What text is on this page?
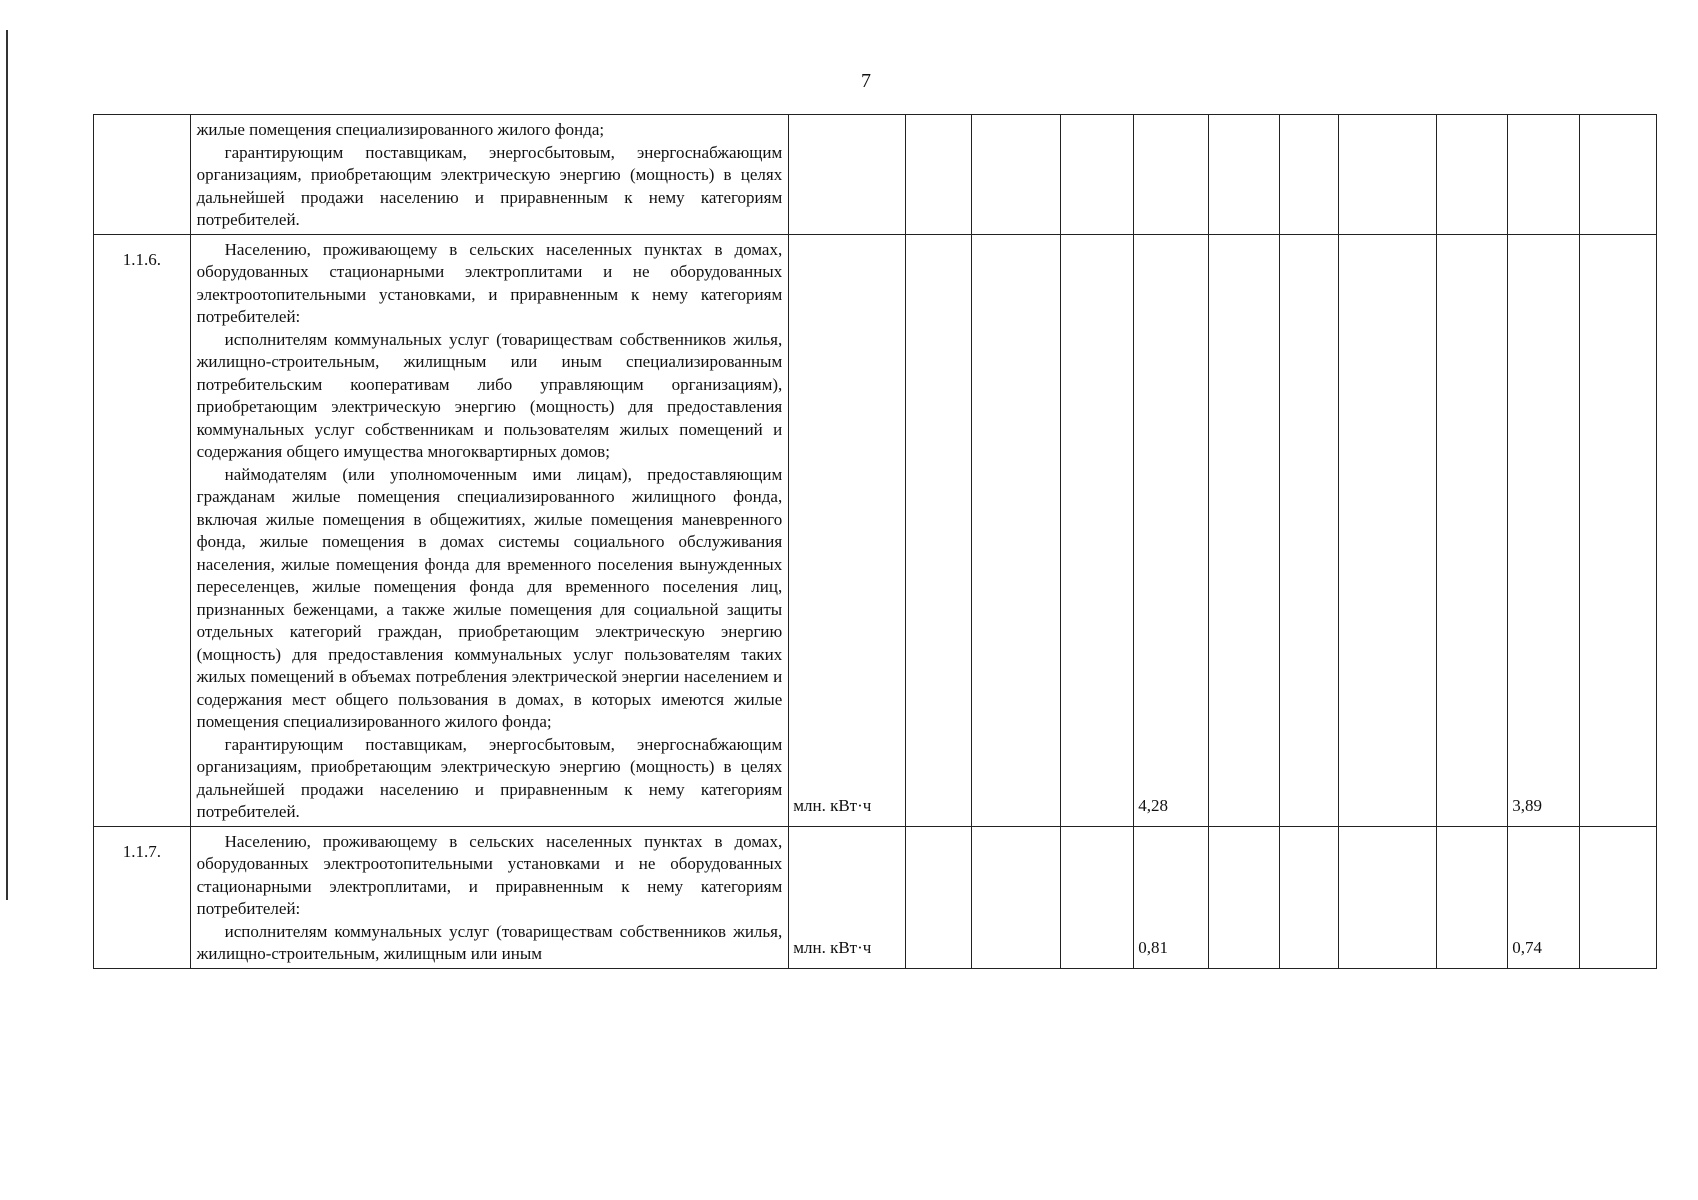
7

	жилые помещения специализированного жилого фонда;
гарантирующим поставщикам, энергосбытовым, энергоснабжающим организациям, приобретающим электрическую энергию (мощность) в целях дальнейшей продажи населению и приравненным к нему категориям потребителей.											

1.1.6.	Населению, проживающему в сельских населенных пунктах в домах, оборудованных стационарными электроплитами и не оборудованных электроотопительными установками, и приравненным к нему категориям потребителей:
исполнителям коммунальных услуг (товариществам собственников жилья, жилищно-строительным, жилищным или иным специализированным потребительским кооперативам либо управляющим организациям), приобретающим электрическую энергию (мощность) для предоставления коммунальных услуг собственникам и пользователям жилых помещений и содержания общего имущества многоквартирных домов;
наймодателям (или уполномоченным ими лицам), предоставляющим гражданам жилые помещения специализированного жилищного фонда, включая жилые помещения в общежитиях, жилые помещения маневренного фонда, жилые помещения в домах системы социального обслуживания населения, жилые помещения фонда для временного поселения вынужденных переселенцев, жилые помещения фонда для временного поселения лиц, признанных беженцами, а также жилые помещения для социальной защиты отдельных категорий граждан, приобретающим электрическую энергию (мощность) для предоставления коммунальных услуг пользователям таких жилых помещений в объемах потребления электрической энергии населением и содержания мест общего пользования в домах, в которых имеются жилые помещения специализированного жилого фонда;
гарантирующим поставщикам, энергосбытовым, энергоснабжающим организациям, приобретающим электрическую энергию (мощность) в целях дальнейшей продажи населению и приравненным к нему категориям потребителей.	млн. кВт·ч				4,28					3,89	
1.1.7.	Населению, проживающему в сельских населенных пунктах в домах, оборудованных электроотопительными установками и не оборудованных стационарными электроплитами, и приравненным к нему категориям потребителей:
исполнителям коммунальных услуг (товариществам собственников жилья, жилищно-строительным, жилищным или иным	млн. кВт·ч				0,81					0,74	
